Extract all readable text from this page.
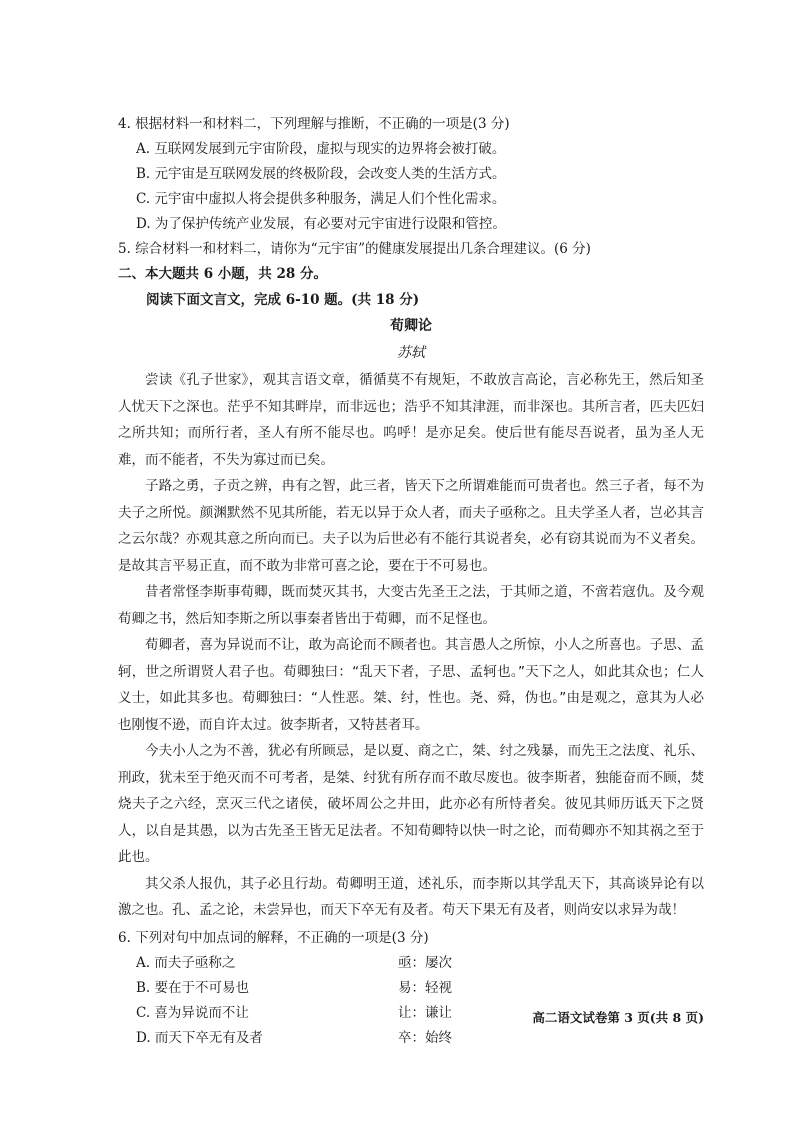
4. 根据材料一和材料二，下列理解与推断，不正确的一项是(3 分)

A. 互联网发展到元宇宙阶段，虚拟与现实的边界将会被打破。

B. 元宇宙是互联网发展的终极阶段，会改变人类的生活方式。

C. 元宇宙中虚拟人将会提供多种服务，满足人们个性化需求。

D. 为了保护传统产业发展，有必要对元宇宙进行设限和管控。

5. 综合材料一和材料二，请你为“元宇宙”的健康发展提出几条合理建议。(6 分)

二、本大题共 6 小题，共 28 分。

阅读下面文言文，完成 6-10 题。(共 18 分)

荀卿论

苏轼

尝读《孔子世家》，观其言语文章，循循莫不有规矩，不敢放言高论，言必称先王，然后知圣人忧天下之深也。茫乎不知其畔岸，而非远也；浩乎不知其津涯，而非深也。其所言者，匹夫匹妇之所共知；而所行者，圣人有所不能尽也。呜呼！是亦足矣。使后世有能尽吾说者，虽为圣人无难，而不能者，不失为寡过而已矣。

子路之勇，子贡之辨，冉有之智，此三者，皆天下之所谓难能而可贵者也。然三子者，每不为夫子之所悦。颜渊默然不见其所能，若无以异于众人者，而夫子亟称之。且夫学圣人者，岂必其言之云尔哉？亦观其意之所向而已。夫子以为后世必有不能行其说者矣，必有窃其说而为不义者矣。是故其言平易正直，而不敢为非常可喜之论，要在于不可易也。

昔者常怪李斯事荀卿，既而焚灭其书，大变古先圣王之法，于其师之道，不啻若寇仇。及今观荀卿之书，然后知李斯之所以事秦者皆出于荀卿，而不足怪也。

荀卿者，喜为异说而不让，敢为高论而不顾者也。其言愚人之所惊，小人之所喜也。子思、孟轲，世之所谓贤人君子也。荀卿独曰：“乱天下者，子思、孟轲也。”天下之人，如此其众也；仁人义士，如此其多也。荀卿独曰：“人性恶。桀、纣，性也。尧、舜，伪也。”由是观之，意其为人必也刚愎不逊，而自许太过。彼李斯者，又特甚者耳。

今夫小人之为不善，犹必有所顾忌，是以夏、商之亡，桀、纣之残暴，而先王之法度、礼乐、刑政，犹未至于绝灭而不可考者，是桀、纣犹有所存而不敢尽废也。彼李斯者，独能奋而不顾，焚烧夫子之六经，烹灭三代之诸侯，破坏周公之井田，此亦必有所恃者矣。彼见其师历诋天下之贤人，以自是其愚，以为古先圣王皆无足法者。不知荀卿特以快一时之论，而荀卿亦不知其祸之至于此也。

其父杀人报仇，其子必且行劫。荀卿明王道，述礼乐，而李斯以其学乱天下，其高谈异论有以激之也。孔、孟之论，未尝异也，而天下卒无有及者。苟天下果无有及者，则尚安以求异为哉！

6. 下列对句中加点词的解释，不正确的一项是(3 分)

A. 而夫子亟称之	亟：屡次
B. 要在于不可易也	易：轻视
C. 喜为异说而不让	让：谦让
D. 而天下卒无有及者	卒：始终
高二语文试卷第 3 页(共 8 页)
